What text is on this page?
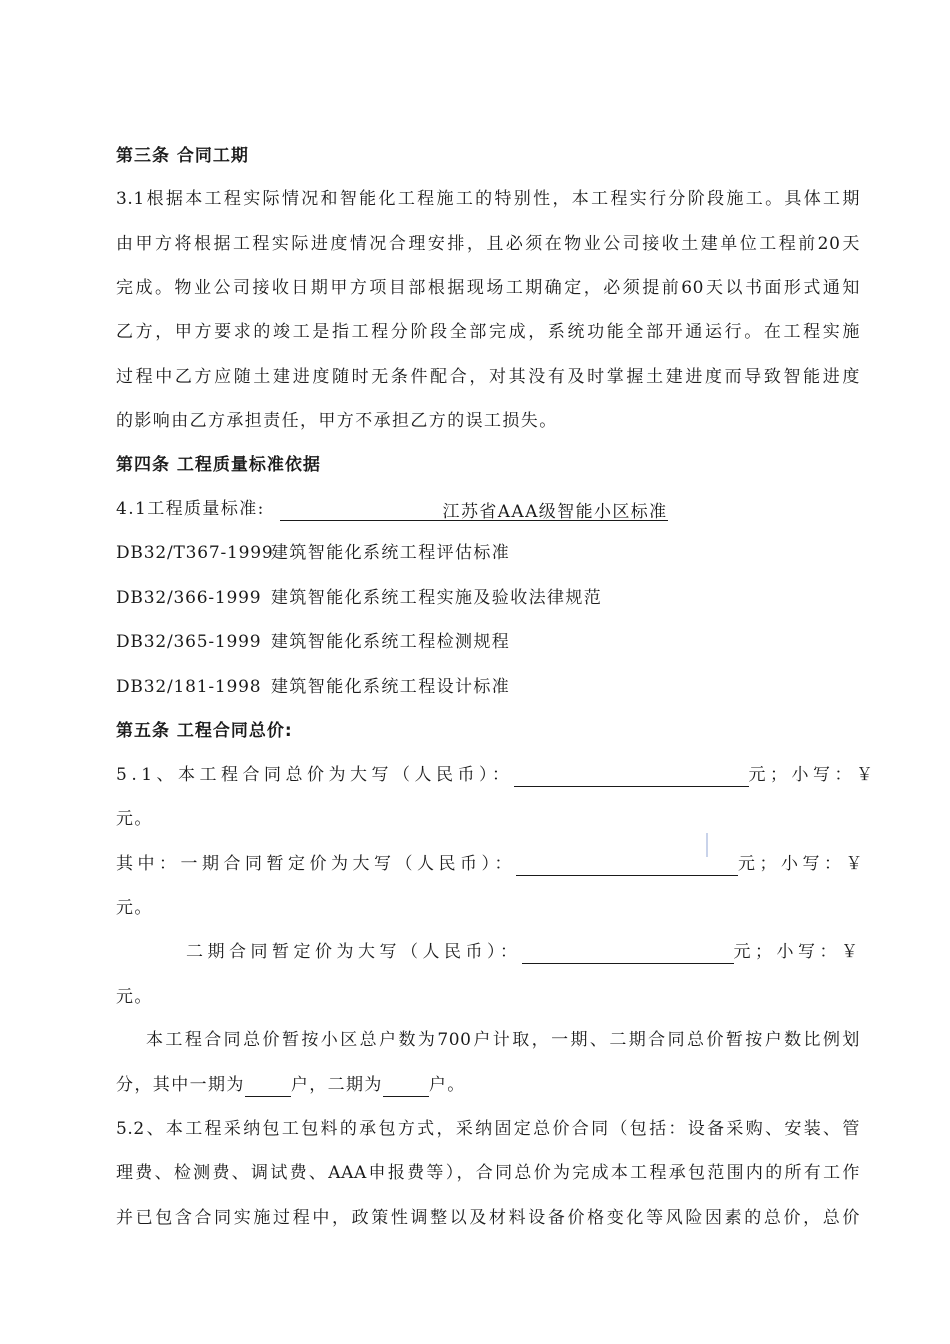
第三条 合同工期
3.1根据本工程实际情况和智能化工程施工的特别性，本工程实行分阶段施工。具体工期
由甲方将根据工程实际进度情况合理安排，且必须在物业公司接收土建单位工程前20天
完成。物业公司接收日期甲方项目部根据现场工期确定，必须提前60天以书面形式通知
乙方，甲方要求的竣工是指工程分阶段全部完成，系统功能全部开通运行。在工程实施
过程中乙方应随土建进度随时无条件配合，对其没有及时掌握土建进度而导致智能进度
的影响由乙方承担责任，甲方不承担乙方的误工损失。
第四条 工程质量标准依据
4.1工程质量标准:	江苏省AAA级智能小区标准
DB32/T367-1999建筑智能化系统工程评估标准
DB32/366-1999 建筑智能化系统工程实施及验收法律规范
DB32/365-1999 建筑智能化系统工程检测规程
DB32/181-1998 建筑智能化系统工程设计标准
第五条 工程合同总价:
5.1、本工程合同总价为大写（人民币）：	元；小写：￥
元。
其中：一期合同暂定价为大写（人民币）：	元；小写：￥
元。
二期合同暂定价为大写（人民币）：	元；小写：￥
元。
本工程合同总价暂按小区总户数为700户计取，一期、二期合同总价暂按户数比例划
分，其中一期为	户，二期为	户。
5.2、本工程采纳包工包料的承包方式，采纳固定总价合同（包括：设备采购、安装、管
理费、检测费、调试费、AAA申报费等），合同总价为完成本工程承包范围内的所有工作
并已包含合同实施过程中，政策性调整以及材料设备价格变化等风险因素的总价，总价
